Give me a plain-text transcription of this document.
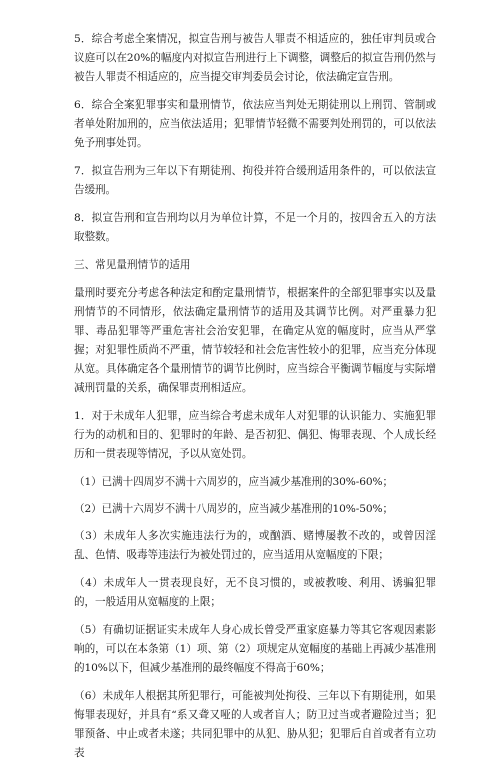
5．综合考虑全案情况，拟宣告刑与被告人罪责不相适应的，独任审判员或合议庭可以在20%的幅度内对拟宣告刑进行上下调整，调整后的拟宣告刑仍然与被告人罪责不相适应的，应当提交审判委员会讨论，依法确定宣告刑。

6．综合全案犯罪事实和量刑情节，依法应当判处无期徒刑以上刑罚、管制或者单处附加刑的，应当依法适用；犯罪情节轻微不需要判处刑罚的，可以依法免予刑事处罚。

7．拟宣告刑为三年以下有期徒刑、拘役并符合缓刑适用条件的，可以依法宣告缓刑。

8．拟宣告刑和宣告刑均以月为单位计算，不足一个月的，按四舍五入的方法取整数。

三、常见量刑情节的适用

量刑时要充分考虑各种法定和酌定量刑情节，根据案件的全部犯罪事实以及量刑情节的不同情形，依法确定量刑情节的适用及其调节比例。对严重暴力犯罪、毒品犯罪等严重危害社会治安犯罪，在确定从宽的幅度时，应当从严掌握；对犯罪性质尚不严重，情节较轻和社会危害性较小的犯罪，应当充分体现从宽。具体确定各个量刑情节的调节比例时，应当综合平衡调节幅度与实际增减刑罚量的关系，确保罪责刑相适应。

1．对于未成年人犯罪，应当综合考虑未成年人对犯罪的认识能力、实施犯罪行为的动机和目的、犯罪时的年龄、是否初犯、偶犯、悔罪表现、个人成长经历和一贯表现等情况，予以从宽处罚。

（1）已满十四周岁不满十六周岁的，应当减少基准刑的30%-60%；

（2）已满十六周岁不满十八周岁的，应当减少基准刑的10%-50%；

（3）未成年人多次实施违法行为的，或酗酒、赌博屡教不改的，或曾因淫乱、色情、吸毒等违法行为被处罚过的，应当适用从宽幅度的下限；

（4）未成年人一贯表现良好，无不良习惯的，或被教唆、利用、诱骗犯罪的，一般适用从宽幅度的上限；

（5）有确切证据证实未成年人身心成长曾受严重家庭暴力等其它客观因素影响的，可以在本条第（1）项、第（2）项规定从宽幅度的基础上再减少基准刑的10%以下，但减少基准刑的最终幅度不得高于60%；

（6）未成年人根据其所犯罪行，可能被判处拘役、三年以下有期徒刑，如果悔罪表现好，并具有“系又聋又哑的人或者盲人；防卫过当或者避险过当；犯罪预备、中止或者未遂；共同犯罪中的从犯、胁从犯；犯罪后自首或者有立功表
